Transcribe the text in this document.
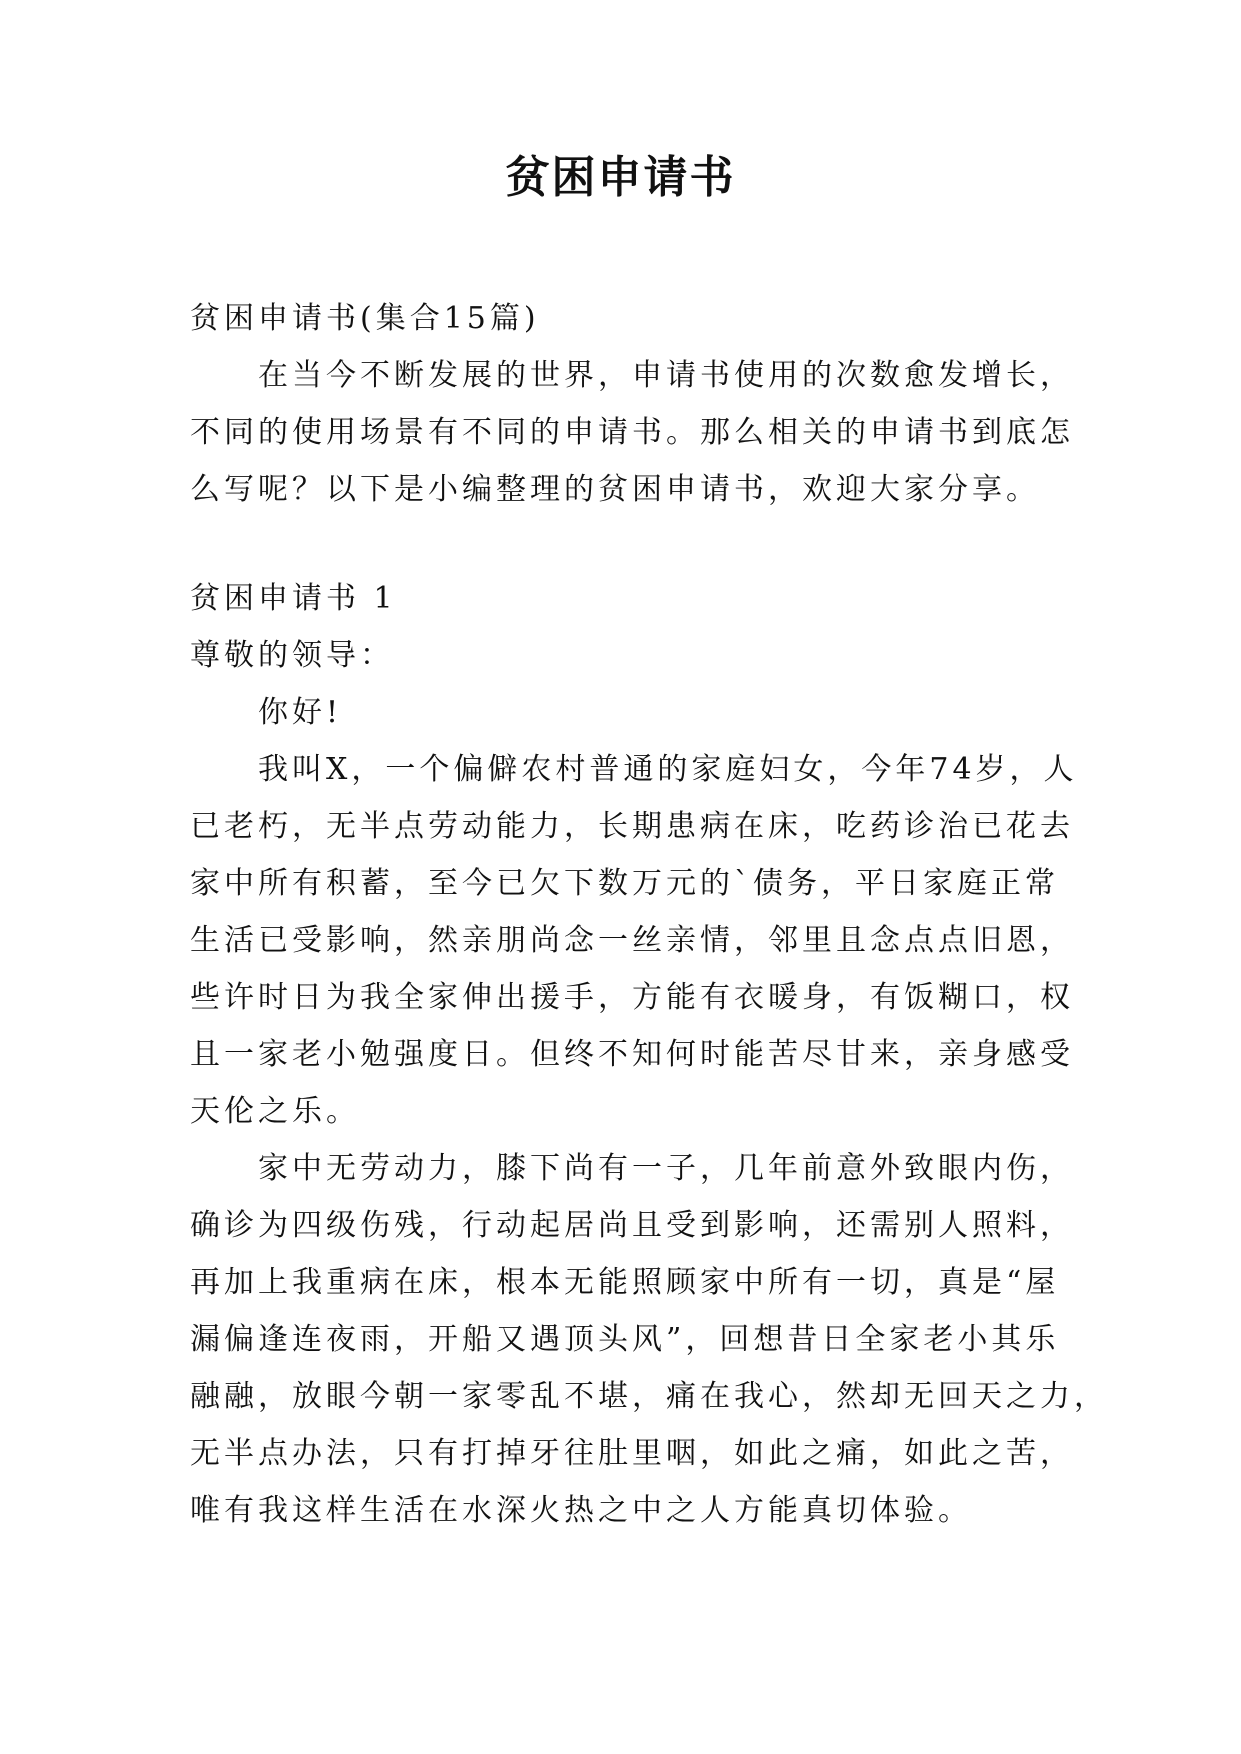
贫困申请书
贫困申请书(集合15篇)
在当今不断发展的世界，申请书使用的次数愈发增长，
不同的使用场景有不同的申请书。那么相关的申请书到底怎
么写呢？以下是小编整理的贫困申请书，欢迎大家分享。
贫困申请书 1
尊敬的领导：
你好!
我叫X，一个偏僻农村普通的家庭妇女，今年74岁，人
已老朽，无半点劳动能力，长期患病在床，吃药诊治已花去
家中所有积蓄，至今已欠下数万元的`债务，平日家庭正常
生活已受影响，然亲朋尚念一丝亲情，邻里且念点点旧恩，
些许时日为我全家伸出援手，方能有衣暖身，有饭糊口，权
且一家老小勉强度日。但终不知何时能苦尽甘来，亲身感受
天伦之乐。
家中无劳动力，膝下尚有一子，几年前意外致眼内伤，
确诊为四级伤残，行动起居尚且受到影响，还需别人照料，
再加上我重病在床，根本无能照顾家中所有一切，真是“屋
漏偏逢连夜雨，开船又遇顶头风”，回想昔日全家老小其乐
融融，放眼今朝一家零乱不堪，痛在我心，然却无回天之力，
无半点办法，只有打掉牙往肚里咽，如此之痛，如此之苦，
唯有我这样生活在水深火热之中之人方能真切体验。
